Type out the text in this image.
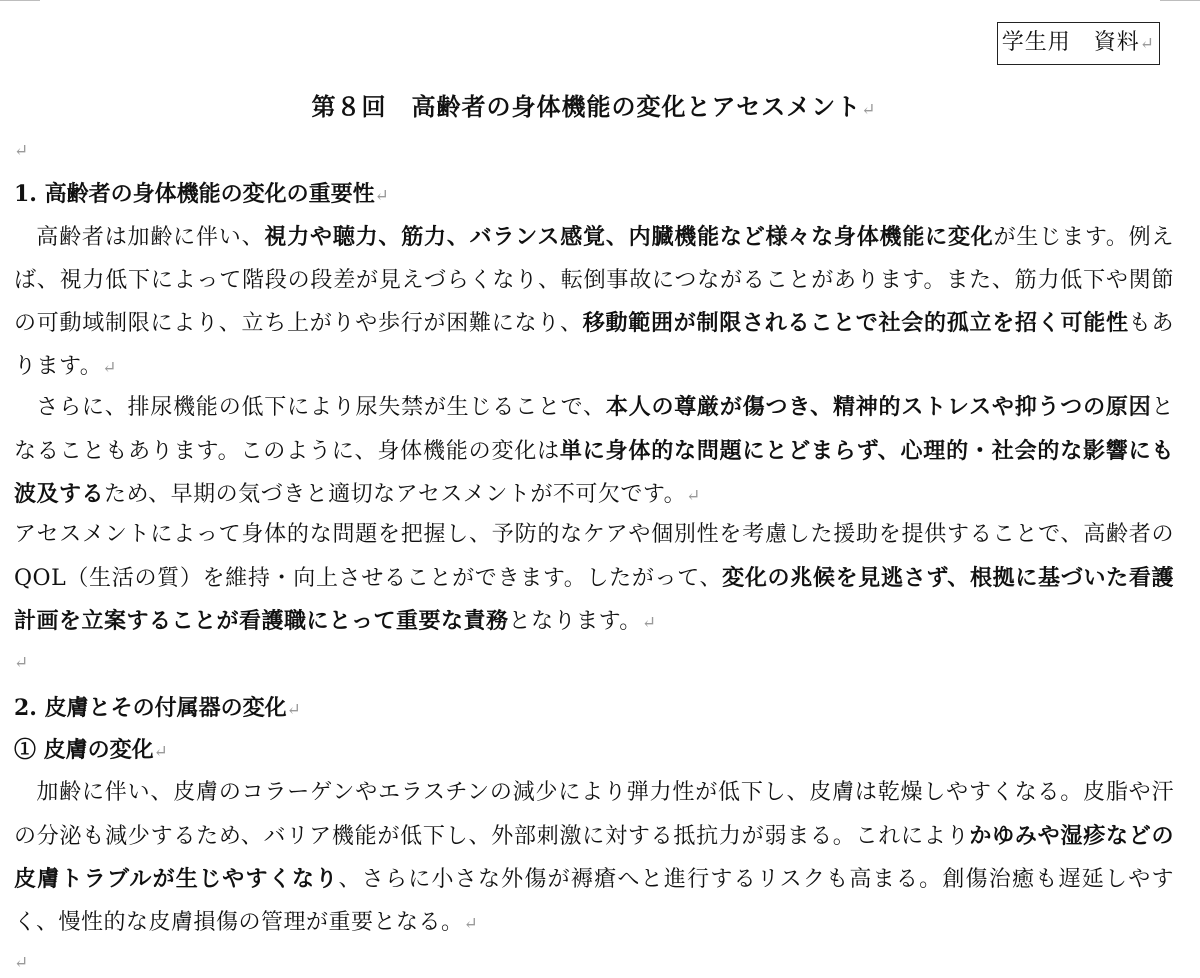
学生用　資料↵
第８回　高齢者の身体機能の変化とアセスメント↵
↵
1. 高齢者の身体機能の変化の重要性↵
高齢者は加齢に伴い、視力や聴力、筋力、バランス感覚、内臓機能など様々な身体機能に変化が生じます。例えば、視力低下によって階段の段差が見えづらくなり、転倒事故につながることがあります。また、筋力低下や関節の可動域制限により、立ち上がりや歩行が困難になり、移動範囲が制限されることで社会的孤立を招く可能性もあります。↵
さらに、排尿機能の低下により尿失禁が生じることで、本人の尊厳が傷つき、精神的ストレスや抑うつの原因となることもあります。このように、身体機能の変化は単に身体的な問題にとどまらず、心理的・社会的な影響にも波及するため、早期の気づきと適切なアセスメントが不可欠です。↵
アセスメントによって身体的な問題を把握し、予防的なケアや個別性を考慮した援助を提供することで、高齢者の QOL（生活の質）を維持・向上させることができます。したがって、変化の兆候を見逃さず、根拠に基づいた看護計画を立案することが看護職にとって重要な責務となります。↵
↵
2. 皮膚とその付属器の変化↵
① 皮膚の変化↵
加齢に伴い、皮膚のコラーゲンやエラスチンの減少により弾力性が低下し、皮膚は乾燥しやすくなる。皮脂や汗の分泌も減少するため、バリア機能が低下し、外部刺激に対する抵抗力が弱まる。これによりかゆみや湿疹などの皮膚トラブルが生じやすくなり、さらに小さな外傷が褥瘡へと進行するリスクも高まる。創傷治癒も遅延しやすく、慢性的な皮膚損傷の管理が重要となる。↵
↵
